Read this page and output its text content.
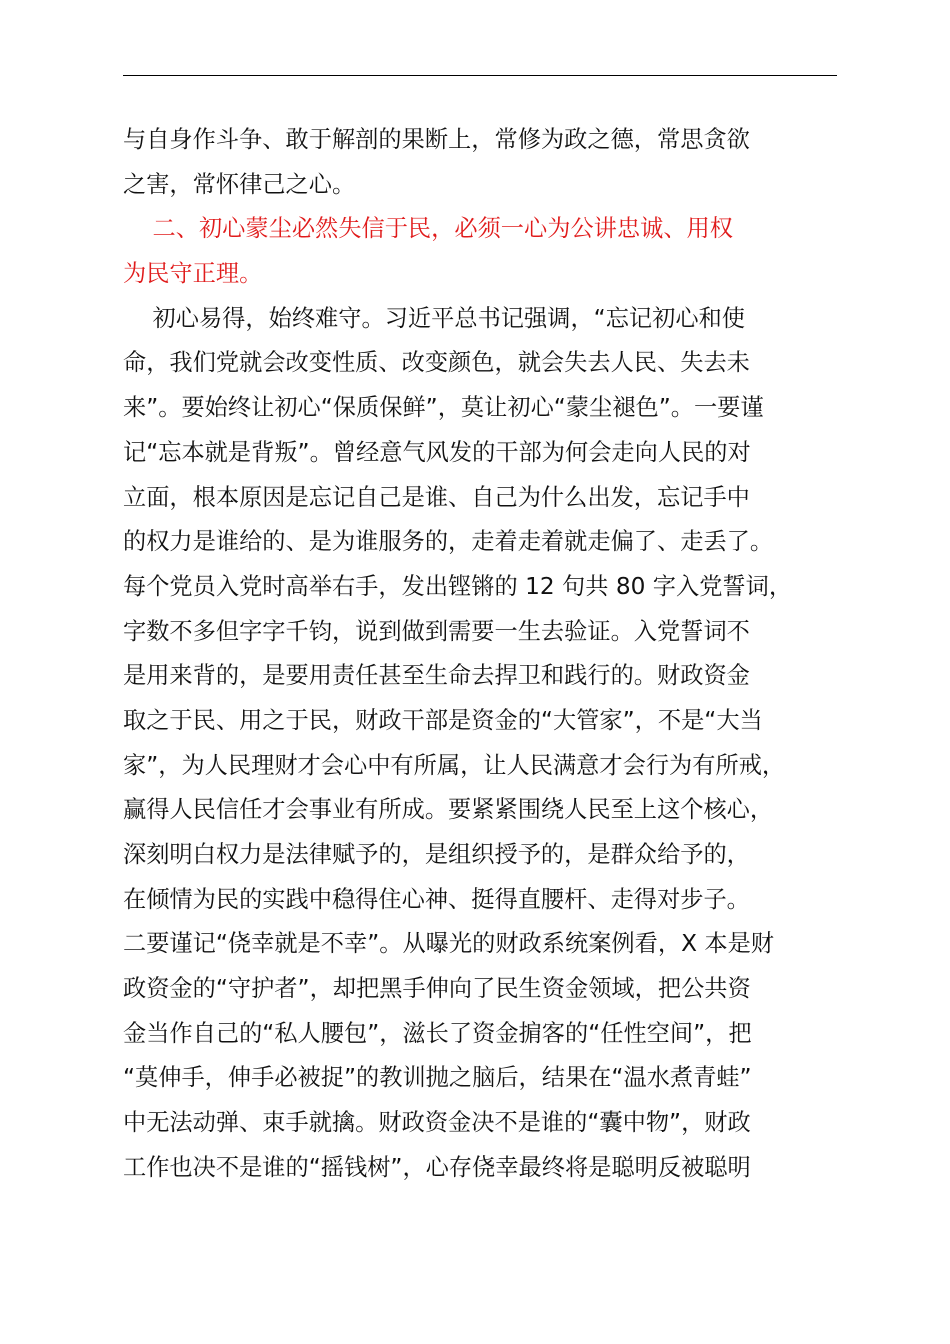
与自身作斗争、敢于解剖的果断上，常修为政之德，常思贪欲
之害，常怀律己之心。
二、初心蒙尘必然失信于民，必须一心为公讲忠诚、用权
为民守正理。
初心易得，始终难守。习近平总书记强调，“忘记初心和使
命，我们党就会改变性质、改变颜色，就会失去人民、失去未
来”。要始终让初心“保质保鲜”，莫让初心“蒙尘褪色”。一要谨
记“忘本就是背叛”。曾经意气风发的干部为何会走向人民的对
立面，根本原因是忘记自己是谁、自己为什么出发，忘记手中
的权力是谁给的、是为谁服务的，走着走着就走偏了、走丢了。
每个党员入党时高举右手，发出铿锵的 12 句共 80 字入党誓词，
字数不多但字字千钧，说到做到需要一生去验证。入党誓词不
是用来背的，是要用责任甚至生命去捍卫和践行的。财政资金
取之于民、用之于民，财政干部是资金的“大管家”，不是“大当
家”，为人民理财才会心中有所属，让人民满意才会行为有所戒，
赢得人民信任才会事业有所成。要紧紧围绕人民至上这个核心，
深刻明白权力是法律赋予的，是组织授予的，是群众给予的，
在倾情为民的实践中稳得住心神、挺得直腰杆、走得对步子。
二要谨记“侥幸就是不幸”。从曝光的财政系统案例看，X 本是财
政资金的“守护者”，却把黑手伸向了民生资金领域，把公共资
金当作自己的“私人腰包”，滋长了资金掮客的“任性空间”，把
“莫伸手，伸手必被捉”的教训抛之脑后，结果在“温水煮青蛙”
中无法动弹、束手就擒。财政资金决不是谁的“囊中物”，财政
工作也决不是谁的“摇钱树”，心存侥幸最终将是聪明反被聪明
